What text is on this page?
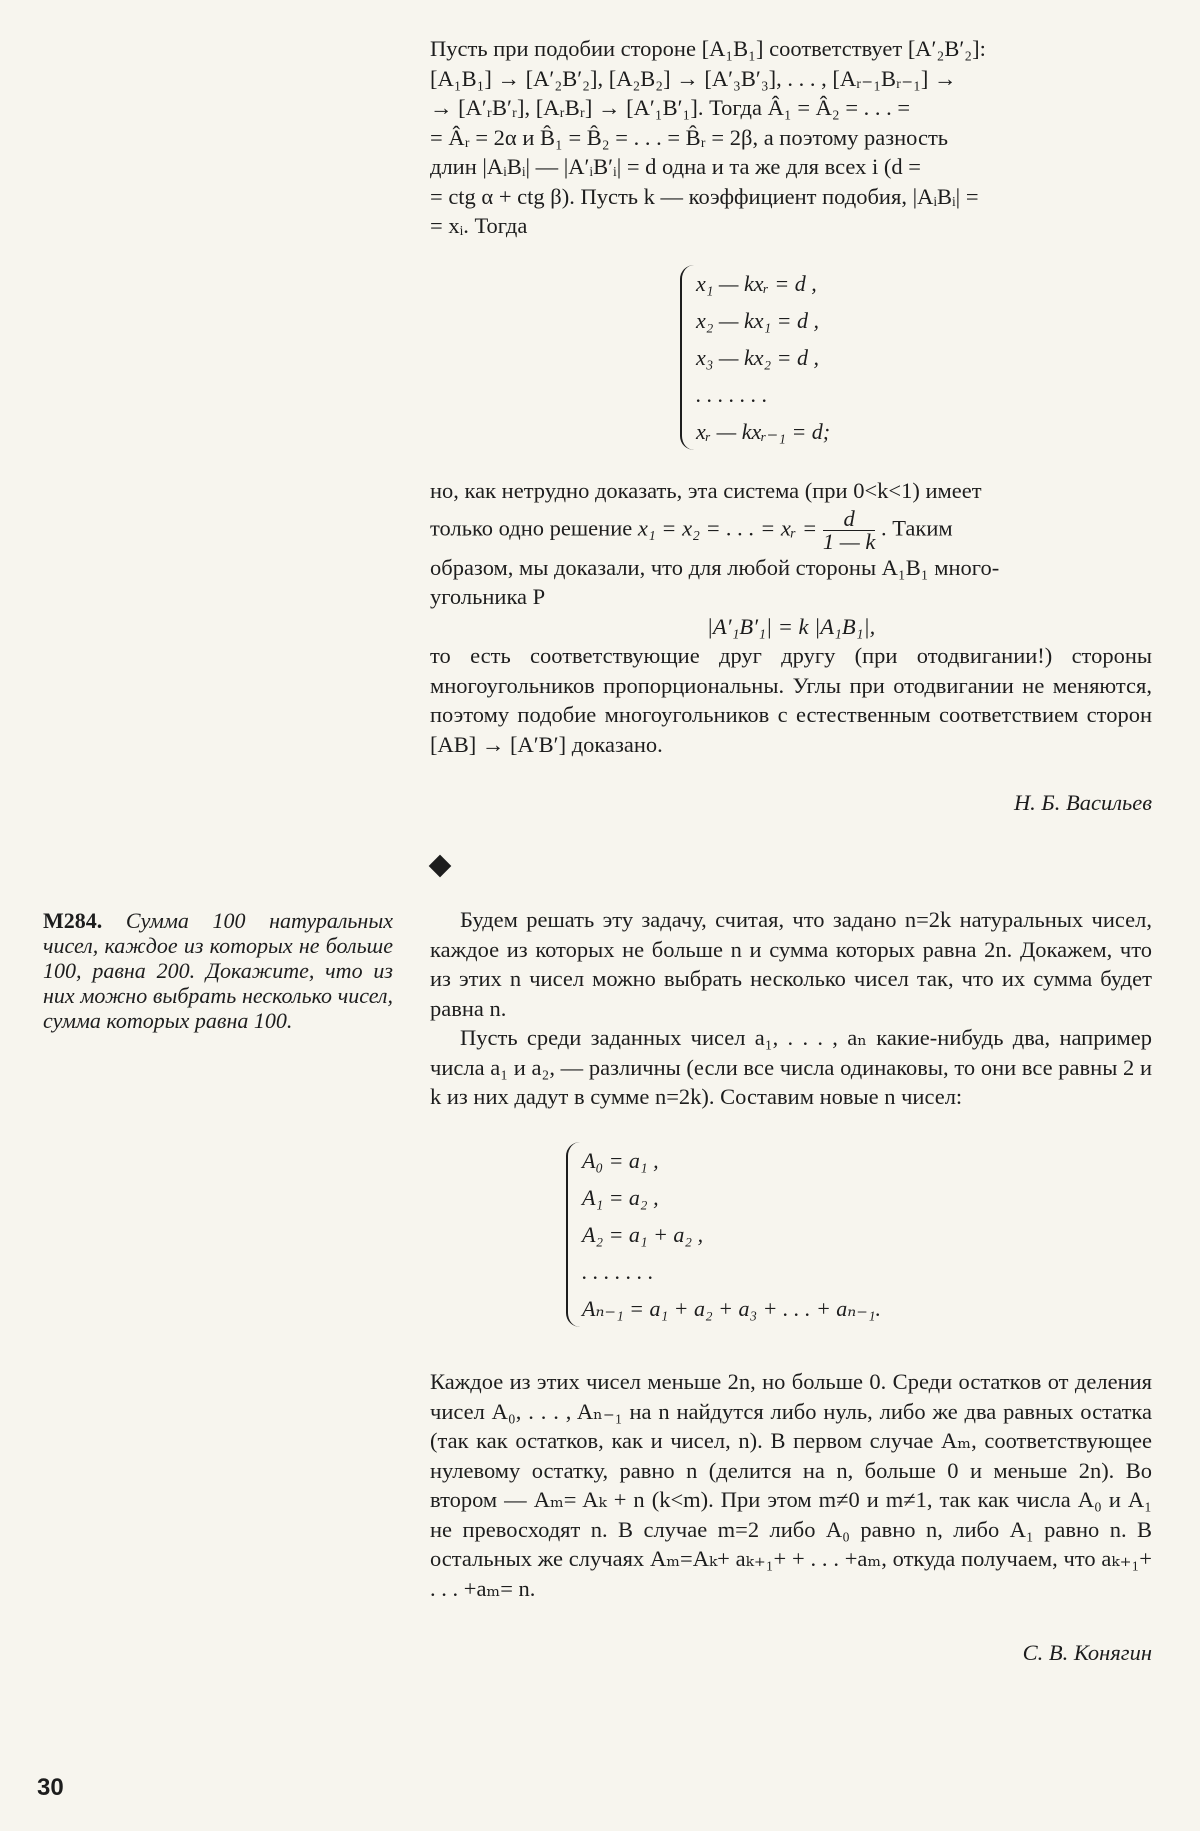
Пусть при подобии стороне [A₁B₁] соответствует [A′₂B′₂]:

[A₁B₁] → [A′₂B′₂], [A₂B₂] → [A′₃B′₃], . . . , [Aᵣ₋₁Bᵣ₋₁] →

→ [A′ᵣB′ᵣ], [AᵣBᵣ] → [A′₁B′₁]. Тогда Â₁ = Â₂ = . . . =

= Âᵣ = 2α и B̂₁ = B̂₂ = . . . = B̂ᵣ = 2β, а поэтому разность

длин |AᵢBᵢ| — |A′ᵢB′ᵢ| = d одна и та же для всех i (d =

= ctg α + ctg β). Пусть k — коэффициент подобия, |AᵢBᵢ| =

= xᵢ. Тогда

x₁ — kxᵣ = d ,
x₂ — kx₁ = d ,
x₃ — kx₂ = d ,
. . . . . . .
xᵣ — kxᵣ₋₁ = d;

но, как нетрудно доказать, эта система (при 0<k<1) имеет

только одно решение x₁ = x₂ = . . . = xᵣ = $\frac{d}{1 — k}$ . Таким

образом, мы доказали, что для любой стороны A₁B₁ много-

угольника P

|A′₁B′₁| = k |A₁B₁|,

то есть соответствующие друг другу (при отодвигании!) стороны многоугольников пропорциональны. Углы при отодвигании не меняются, поэтому подобие многоугольников с естественным соответствием сторон [AB] → [A′B′] доказано.

Н. Б. Васильев
M284. Сумма 100 натуральных чисел, каждое из которых не больше 100, равна 200. Докажите, что из них можно выбрать несколько чисел, сумма которых равна 100.

Будем решать эту задачу, считая, что задано n=2k натуральных чисел, каждое из которых не больше n и сумма которых равна 2n. Докажем, что из этих n чисел можно выбрать несколько чисел так, что их сумма будет равна n.

Пусть среди заданных чисел a₁, . . . , aₙ какие-нибудь два, например числа a₁ и a₂, — различны (если все числа одинаковы, то они все равны 2 и k из них дадут в сумме n=2k). Составим новые n чисел:

A₀ = a₁ ,
A₁ = a₂ ,
A₂ = a₁ + a₂ ,
. . . . . . .
Aₙ₋₁ = a₁ + a₂ + a₃ + . . . + aₙ₋₁.

Каждое из этих чисел меньше 2n, но больше 0. Среди остатков от деления чисел A₀, . . . , Aₙ₋₁ на n найдутся либо нуль, либо же два равных остатка (так как остатков, как и чисел, n). В первом случае Aₘ, соответствующее нулевому остатку, равно n (делится на n, больше 0 и меньше 2n). Во втором — Aₘ= Aₖ + n (k<m). При этом m≠0 и m≠1, так как числа A₀ и A₁ не превосходят n. В случае m=2 либо A₀ равно n, либо A₁ равно n. В остальных же случаях Aₘ=Aₖ+ aₖ₊₁+ + . . . +aₘ, откуда получаем, что aₖ₊₁+ . . . +aₘ= n.

С. В. Конягин
30
